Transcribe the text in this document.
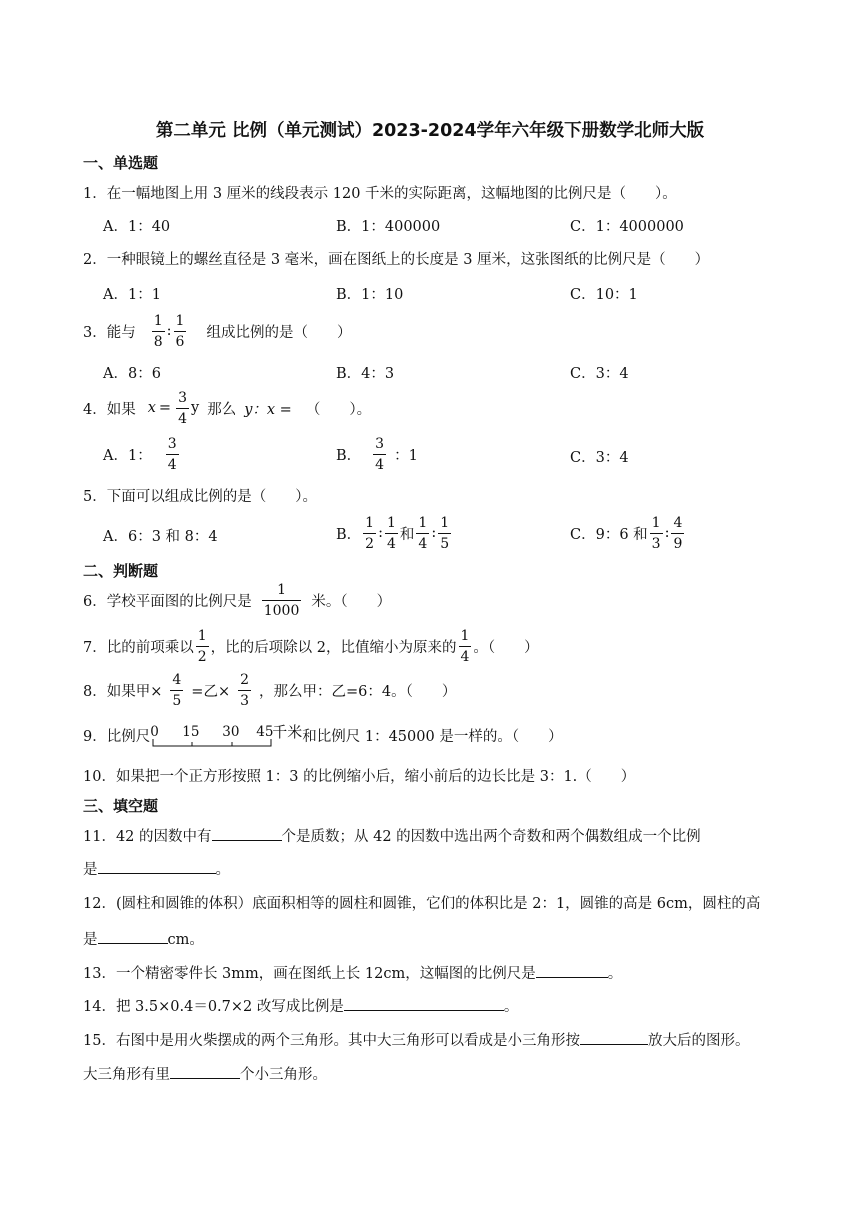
第二单元 比例（单元测试）2023-2024学年六年级下册数学北师大版
一、单选题
1．在一幅地图上用 3 厘米的线段表示 120 千米的实际距离，这幅地图的比例尺是（　　）。
A．1：40	B．1：400000	C．1：4000000
2．一种眼镜上的螺丝直径是 3 毫米，画在图纸上的长度是 3 厘米，这张图纸的比例尺是（　　）
A．1：1	B．1：10	C．10：1
3．能与 $\frac{1}{8}$ : $\frac{1}{6}$ 组成比例的是（　　）
A．8：6	B．4：3	C．3：4
4．如果 $x = \frac{3}{4}$ y 那么 y：x = （　　）。
A．1： $\frac{3}{4}$	B． $\frac{3}{4}$ ：1	C．3：4
5．下面可以组成比例的是（　　）。
A．6：3 和 8：4	B． $\frac{1}{2}$ : $\frac{1}{4}$ 和 $\frac{1}{4}$ : $\frac{1}{5}$	C．9：6 和 $\frac{1}{3}$ : $\frac{4}{9}$
二、判断题
6．学校平面图的比例尺是 $\frac{1}{1000}$ 米。（　　）
7．比的前项乘以 $\frac{1}{2}$ ，比的后项除以 2，比值缩小为原来的 $\frac{1}{4}$ 。（　　）
8．如果甲× $\frac{4}{5}$ =乙× $\frac{2}{3}$ ，那么甲：乙=6：4。（　　）
9．比例尺 0 15 30 45
千米 和比例尺 1：45000 是一样的。（　　）
10．如果把一个正方形按照 1：3 的比例缩小后，缩小前后的边长比是 3：1.（　　）
三、填空题
11．42 的因数中有	个是质数；从 42 的因数中选出两个奇数和两个偶数组成一个比例
是	。
12．(圆柱和圆锥的体积）底面积相等的圆柱和圆锥，它们的体积比是 2：1，圆锥的高是 6cm，圆柱的高
是	cm。
13．一个精密零件长 3mm，画在图纸上长 12cm，这幅图的比例尺是	。
14．把 3.5×0.4＝0.7×2 改写成比例是	。
15．右图中是用火柴摆成的两个三角形。其中大三角形可以看成是小三角形按	放大后的图形。
大三角形有里	个小三角形。
